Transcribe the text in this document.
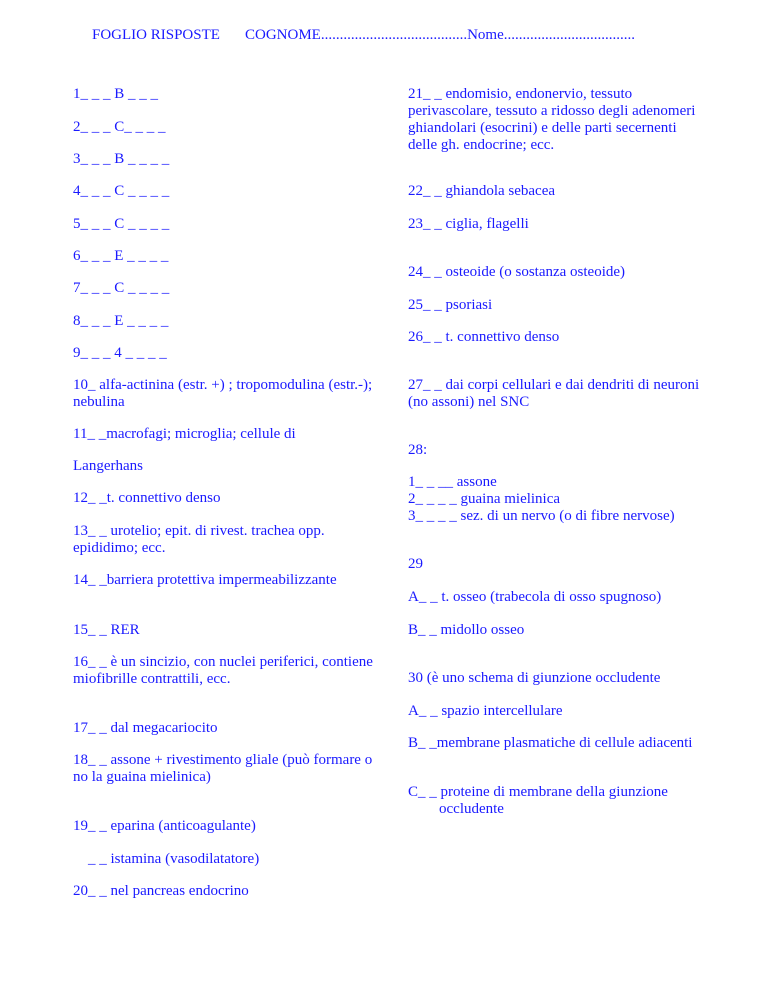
FOGLIO RISPOSTE COGNOME.......................................Nome...................................
1_ _ _ B _ _ _
2_ _ _ C_ _ _ _
3_ _ _ B _ _ _ _
4_ _ _ C _ _ _ _
5_ _ _ C _ _ _ _
6_ _ _ E _ _ _ _
7_ _ _ C _ _ _ _
8_ _ _ E _ _ _ _
9_ _ _ 4 _ _ _ _
10_ alfa-actinina (estr. +) ; tropomodulina (estr.-); nebulina
11_ _macrofagi; microglia; cellule di
Langerhans
12_ _t. connettivo denso
13_ _ urotelio; epit. di rivest. trachea opp. epididimo; ecc.
14_ _barriera protettiva impermeabilizzante
15_ _ RER
16_ _ è un sincizio, con nuclei periferici, contiene miofibrille contrattili, ecc.
17_ _ dal megacariocito
18_ _ assone + rivestimento gliale (può formare o no la guaina mielinica)
19_ _ eparina (anticoagulante)
_ _ istamina (vasodilatatore)
20_ _ nel pancreas endocrino
21_ _ endomisio, endonervio, tessuto perivascolare, tessuto a ridosso degli adenomeri ghiandolari (esocrini) e delle parti secernenti delle gh. endocrine; ecc.
22_ _ ghiandola sebacea
23_ _ ciglia, flagelli
24_ _ osteoide (o sostanza osteoide)
25_ _ psoriasi
26_ _ t. connettivo denso
27_ _ dai corpi cellulari e dai dendriti di neuroni (no assoni) nel SNC
28:
1_ _ __ assone
2_ _ _ _ guaina mielinica
3_ _ _ _ sez. di un nervo (o di fibre nervose)
29
A_ _ t. osseo (trabecola di osso spugnoso)
B_ _ midollo osseo
30 (è uno schema di giunzione occludente
A_ _ spazio intercellulare
B_ _membrane plasmatiche di cellule adiacenti
C_ _ proteine di membrane della giunzione
occludente
